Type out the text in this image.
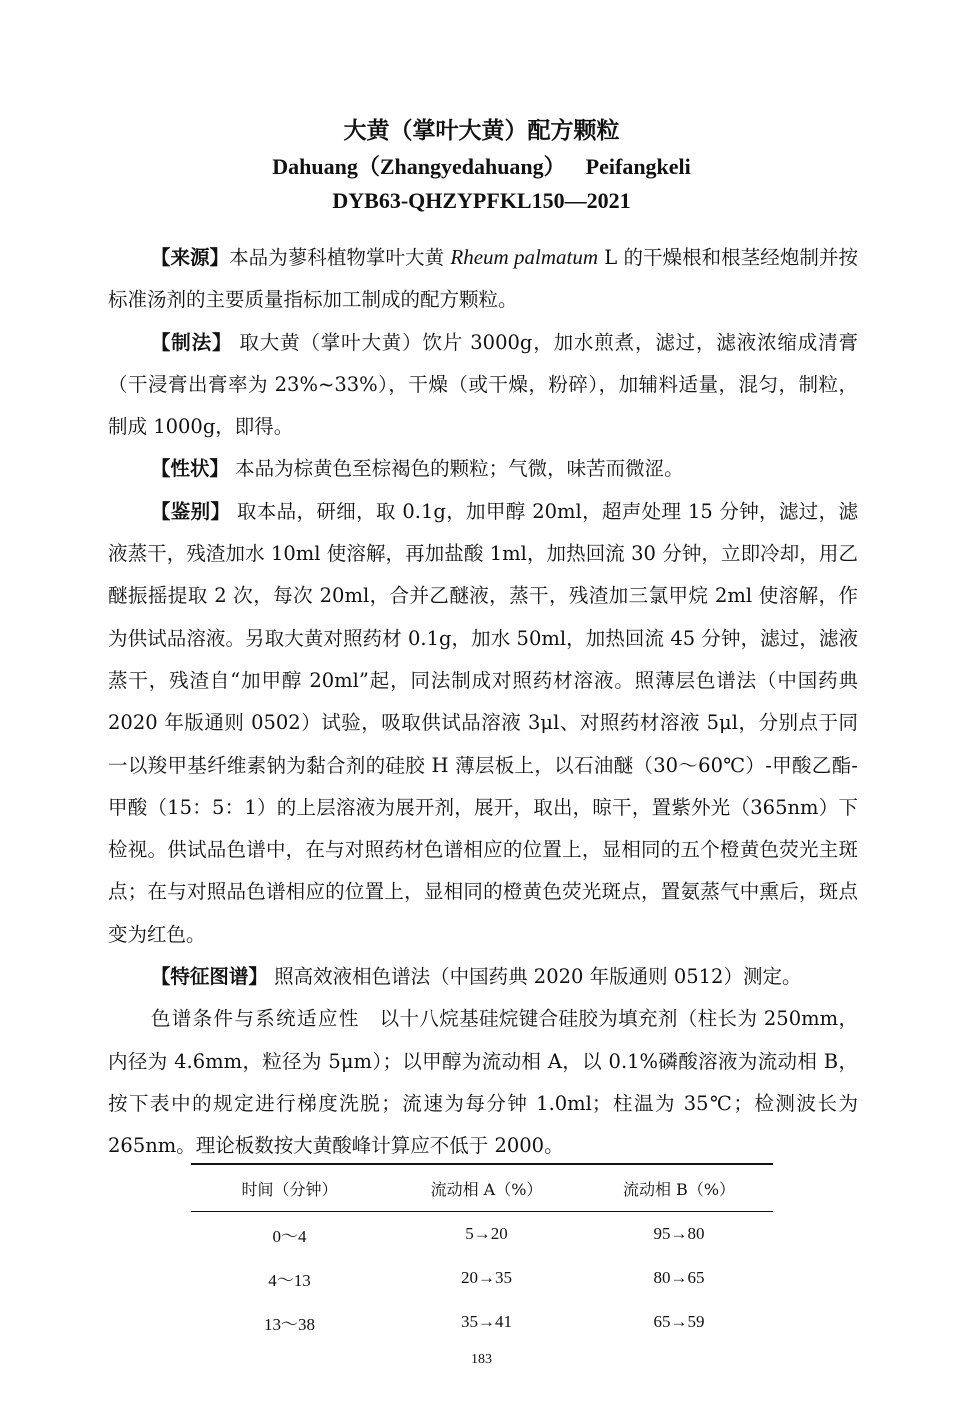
大黄（掌叶大黄）配方颗粒

Dahuang（Zhangyedahuang） Peifangkeli

DYB63-QHZYPFKL150—2021

【来源】本品为蓼科植物掌叶大黄 Rheum palmatum L 的干燥根和根茎经炮制并按标准汤剂的主要质量指标加工制成的配方颗粒。

【制法】 取大黄（掌叶大黄）饮片 3000g，加水煎煮，滤过，滤液浓缩成清膏（干浸膏出膏率为 23%~33%），干燥（或干燥，粉碎），加辅料适量，混匀，制粒，制成 1000g，即得。

【性状】 本品为棕黄色至棕褐色的颗粒；气微，味苦而微涩。

【鉴别】 取本品，研细，取 0.1g，加甲醇 20ml，超声处理 15 分钟，滤过，滤液蒸干，残渣加水 10ml 使溶解，再加盐酸 1ml，加热回流 30 分钟，立即冷却，用乙醚振摇提取 2 次，每次 20ml，合并乙醚液，蒸干，残渣加三氯甲烷 2ml 使溶解，作为供试品溶液。另取大黄对照药材 0.1g，加水 50ml，加热回流 45 分钟，滤过，滤液蒸干，残渣自“加甲醇 20ml”起，同法制成对照药材溶液。照薄层色谱法（中国药典 2020 年版通则 0502）试验，吸取供试品溶液 3μl、对照药材溶液 5μl，分别点于同一以羧甲基纤维素钠为黏合剂的硅胶 H 薄层板上，以石油醚（30～60℃）-甲酸乙酯-甲酸（15：5：1）的上层溶液为展开剂，展开，取出，晾干，置紫外光（365nm）下检视。供试品色谱中，在与对照药材色谱相应的位置上，显相同的五个橙黄色荧光主斑点；在与对照品色谱相应的位置上，显相同的橙黄色荧光斑点，置氨蒸气中熏后，斑点变为红色。

【特征图谱】 照高效液相色谱法（中国药典 2020 年版通则 0512）测定。

色谱条件与系统适应性　以十八烷基硅烷键合硅胶为填充剂（柱长为 250mm，内径为 4.6mm，粒径为 5μm）；以甲醇为流动相 A，以 0.1%磷酸溶液为流动相 B，按下表中的规定进行梯度洗脱；流速为每分钟 1.0ml；柱温为 35℃；检测波长为 265nm。理论板数按大黄酸峰计算应不低于 2000。

时间（分钟）	流动相 A（%）	流动相 B（%）
0～4	5→20	95→80
4～13	20→35	80→65
13～38	35→41	65→59
183
